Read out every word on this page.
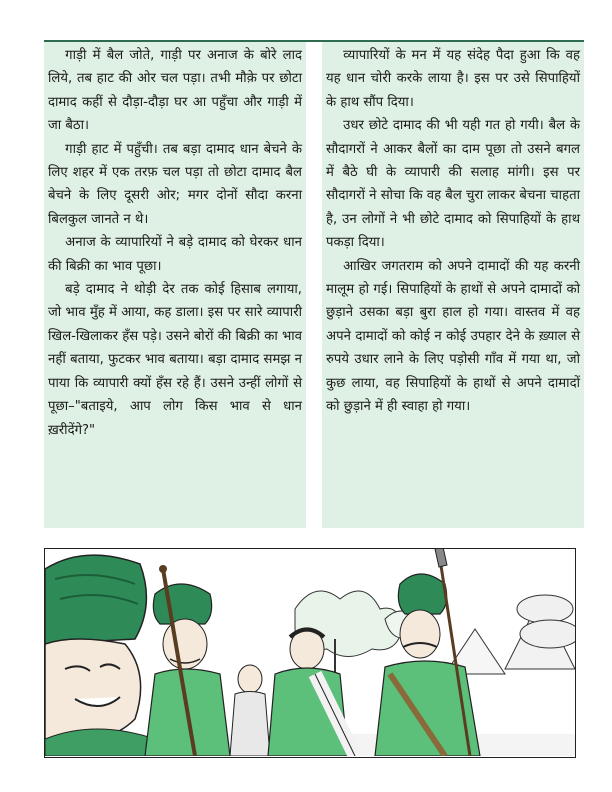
गाड़ी में बैल जोते, गाड़ी पर अनाज के बोरे लाद लिये, तब हाट की ओर चल पड़ा। तभी मौक़े पर छोटा दामाद कहीं से दौड़ा-दौड़ा घर आ पहुँचा और गाड़ी में जा बैठा।

गाड़ी हाट में पहुँची। तब बड़ा दामाद धान बेचने के लिए शहर में एक तरफ़ चल पड़ा तो छोटा दामाद बैल बेचने के लिए दूसरी ओर; मगर दोनों सौदा करना बिलकुल जानते न थे।

अनाज के व्यापारियों ने बड़े दामाद को घेरकर धान की बिक्री का भाव पूछा।

बड़े दामाद ने थोड़ी देर तक कोई हिसाब लगाया, जो भाव मुँह में आया, कह डाला। इस पर सारे व्यापारी खिल-खिलाकर हँस पड़े। उसने बोरों की बिक्री का भाव नहीं बताया, फुटकर भाव बताया। बड़ा दामाद समझ न पाया कि व्यापारी क्यों हँस रहे हैं। उसने उन्हीं लोगों से पूछा–"बताइये, आप लोग किस भाव से धान ख़रीदेंगे?"

व्यापारियों के मन में यह संदेह पैदा हुआ कि वह यह धान चोरी करके लाया है। इस पर उसे सिपाहियों के हाथ सौंप दिया।

उधर छोटे दामाद की भी यही गत हो गयी। बैल के सौदागरों ने आकर बैलों का दाम पूछा तो उसने बगल में बैठे घी के व्यापारी की सलाह मांगी। इस पर सौदागरों ने सोचा कि वह बैल चुरा लाकर बेचना चाहता है, उन लोगों ने भी छोटे दामाद को सिपाहियों के हाथ पकड़ा दिया।

आखिर जगतराम को अपने दामादों की यह करनी मालूम हो गई। सिपाहियों के हाथों से अपने दामादों को छुड़ाने उसका बड़ा बुरा हाल हो गया। वास्तव में वह अपने दामादों को कोई न कोई उपहार देने के ख़्याल से रुपये उधार लाने के लिए पड़ोसी गाँव में गया था, जो कुछ लाया, वह सिपाहियों के हाथों से अपने दामादों को छुड़ाने में ही स्वाहा हो गया।
